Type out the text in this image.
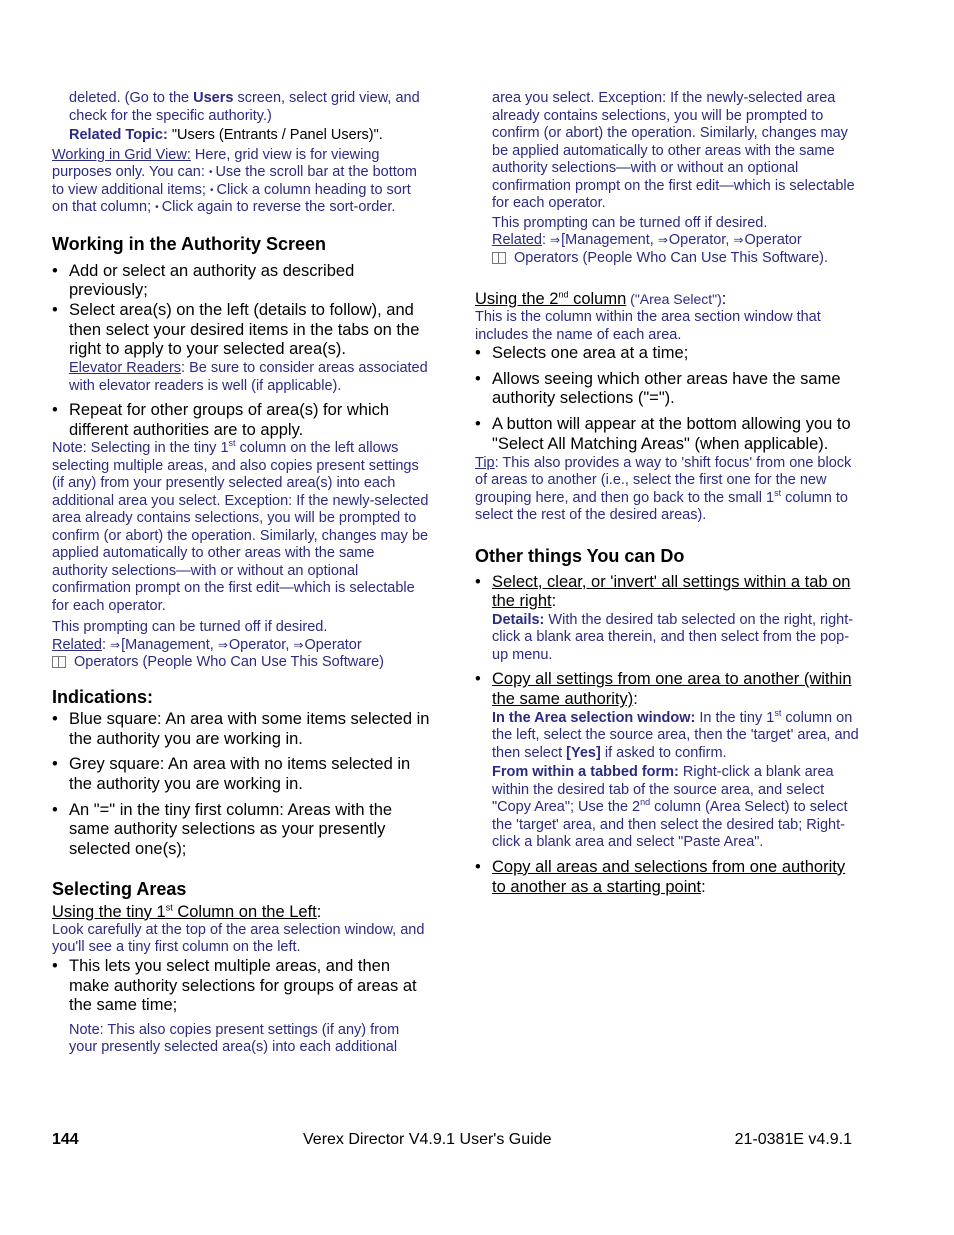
deleted. (Go to the Users screen, select grid view, and check for the specific authority.)

Related Topic: "Users (Entrants / Panel Users)".

Working in Grid View: Here, grid view is for viewing purposes only. You can: • Use the scroll bar at the bottom to view additional items; • Click a column heading to sort on that column; • Click again to reverse the sort-order.

Working in the Authority Screen
• Add or select an authority as described previously;
• Select area(s) on the left (details to follow), and then select your desired items in the tabs on the right to apply to your selected area(s).

Elevator Readers: Be sure to consider areas associated with elevator readers is well (if applicable).

• Repeat for other groups of area(s) for which different authorities are to apply.

Note: Selecting in the tiny 1st column on the left allows selecting multiple areas, and also copies present settings (if any) from your presently selected area(s) into each additional area you select. Exception: If the newly-selected area already contains selections, you will be prompted to confirm (or abort) the operation. Similarly, changes may be applied automatically to other areas with the same authority selections—with or without an optional confirmation prompt on the first edit—which is selectable for each operator.

This prompting can be turned off if desired.

Related: ⇒[Management, ⇒Operator, ⇒Operator

Operators (People Who Can Use This Software)

Indications:
• Blue square: An area with some items selected in the authority you are working in.
• Grey square: An area with no items selected in the authority you are working in.
• An "=" in the tiny first column: Areas with the same authority selections as your presently selected one(s);
Selecting Areas

Using the tiny 1st Column on the Left:

Look carefully at the top of the area selection window, and you'll see a tiny first column on the left.

• This lets you select multiple areas, and then make authority selections for groups of areas at the same time;

Note: This also copies present settings (if any) from your presently selected area(s) into each additional

area you select. Exception: If the newly-selected area already contains selections, you will be prompted to confirm (or abort) the operation. Similarly, changes may be applied automatically to other areas with the same authority selections—with or without an optional confirmation prompt on the first edit—which is selectable for each operator.

This prompting can be turned off if desired.

Related: ⇒[Management, ⇒Operator, ⇒Operator

Operators (People Who Can Use This Software).

Using the 2nd column ("Area Select"):

This is the column within the area section window that includes the name of each area.

• Selects one area at a time;
• Allows seeing which other areas have the same authority selections ("=").
• A button will appear at the bottom allowing you to "Select All Matching Areas" (when applicable).

Tip: This also provides a way to 'shift focus' from one block of areas to another (i.e., select the first one for the new grouping here, and then go back to the small 1st column to select the rest of the desired areas).

Other things You can Do
• Select, clear, or 'invert' all settings within a tab on the right:

Details: With the desired tab selected on the right, right-click a blank area therein, and then select from the pop-up menu.

• Copy all settings from one area to another (within the same authority):

In the Area selection window: In the tiny 1st column on the left, select the source area, then the 'target' area, and then select [Yes] if asked to confirm.

From within a tabbed form: Right-click a blank area within the desired tab of the source area, and select "Copy Area"; Use the 2nd column (Area Select) to select the 'target' area, and then select the desired tab; Right-click a blank area and select "Paste Area".

• Copy all areas and selections from one authority to another as a starting point:
144	Verex Director V4.9.1 User's Guide	21-0381E v4.9.1
